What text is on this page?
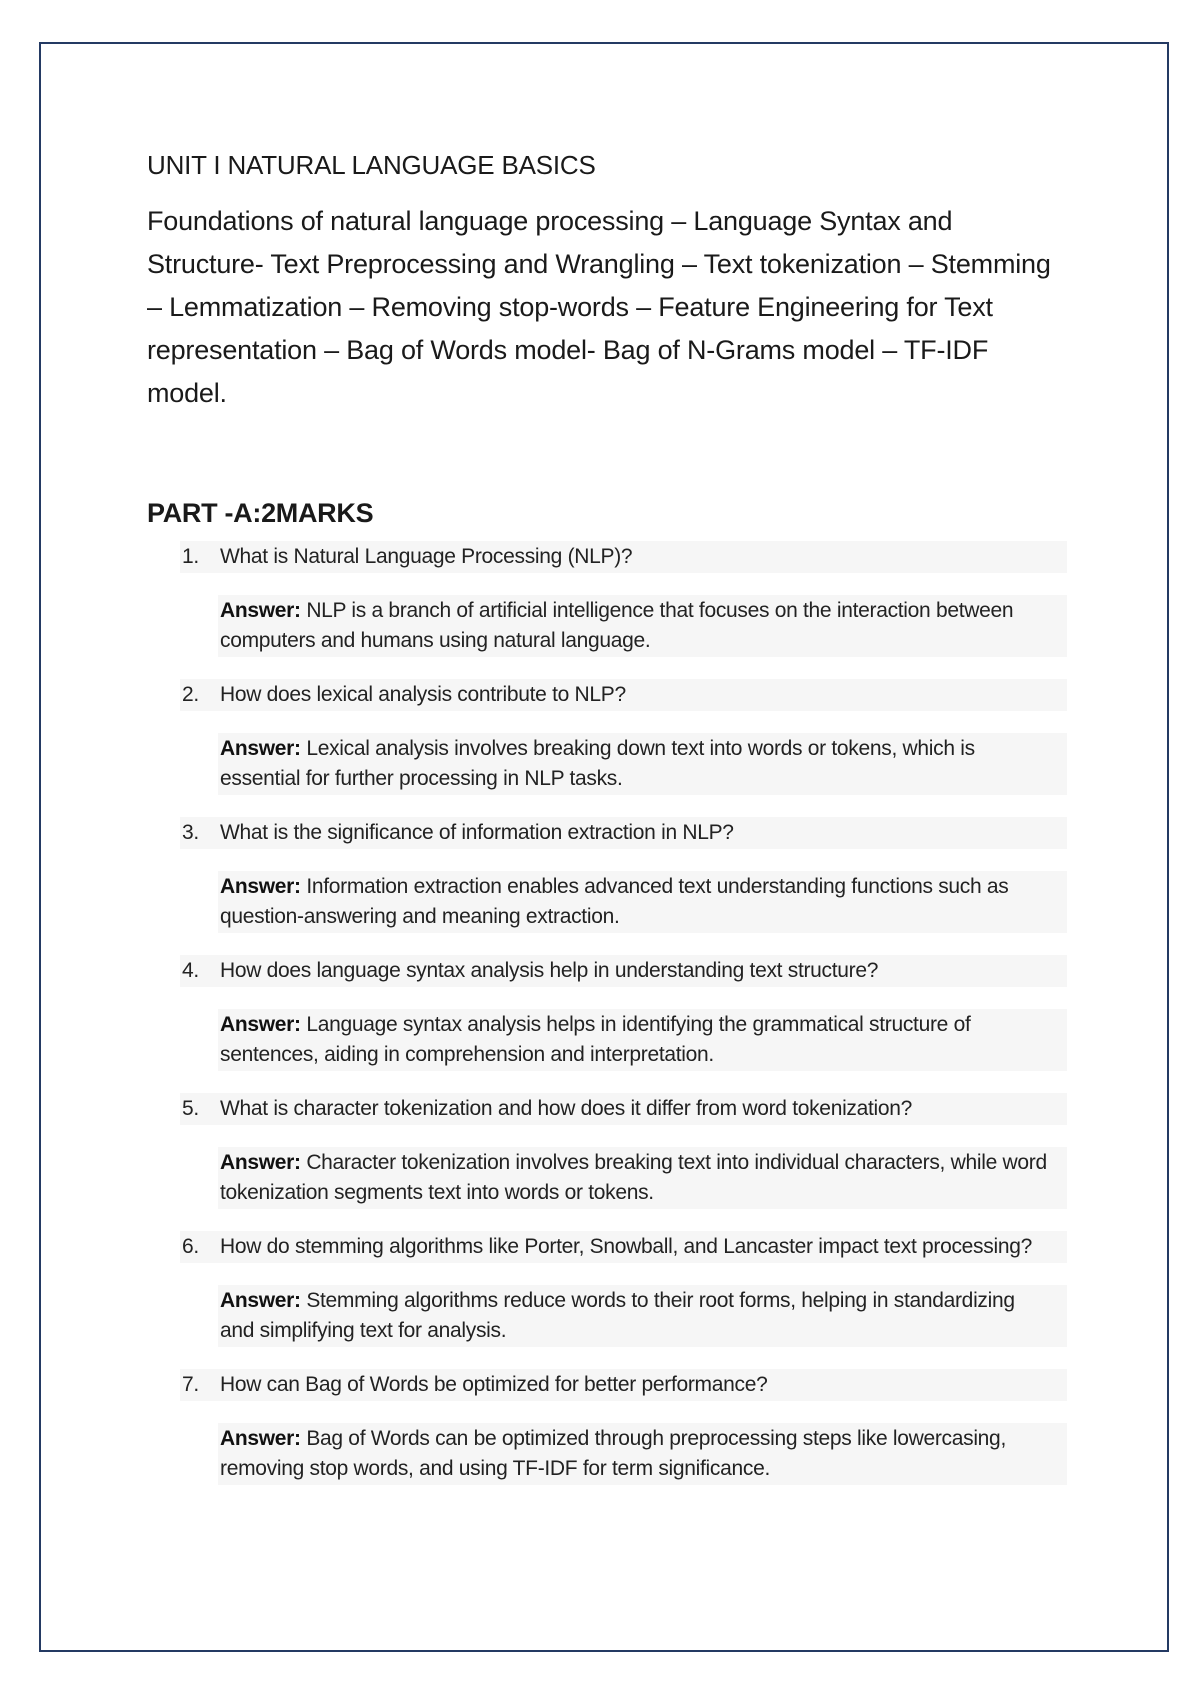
UNIT I NATURAL LANGUAGE BASICS

Foundations of natural language processing – Language Syntax and Structure- Text Preprocessing and Wrangling – Text tokenization – Stemming – Lemmatization – Removing stop-words – Feature Engineering for Text representation – Bag of Words model- Bag of N-Grams model – TF-IDF model.

PART -A:2MARKS
1.	What is Natural Language Processing (NLP)?
Answer: NLP is a branch of artificial intelligence that focuses on the interaction between computers and humans using natural language.
2.	How does lexical analysis contribute to NLP?
Answer: Lexical analysis involves breaking down text into words or tokens, which is essential for further processing in NLP tasks.
3.	What is the significance of information extraction in NLP?
Answer: Information extraction enables advanced text understanding functions such as question-answering and meaning extraction.
4.	How does language syntax analysis help in understanding text structure?
Answer: Language syntax analysis helps in identifying the grammatical structure of sentences, aiding in comprehension and interpretation.
5.	What is character tokenization and how does it differ from word tokenization?
Answer: Character tokenization involves breaking text into individual characters, while word tokenization segments text into words or tokens.
6.	How do stemming algorithms like Porter, Snowball, and Lancaster impact text processing?
Answer: Stemming algorithms reduce words to their root forms, helping in standardizing and simplifying text for analysis.
7.	How can Bag of Words be optimized for better performance?
Answer: Bag of Words can be optimized through preprocessing steps like lowercasing, removing stop words, and using TF-IDF for term significance.
